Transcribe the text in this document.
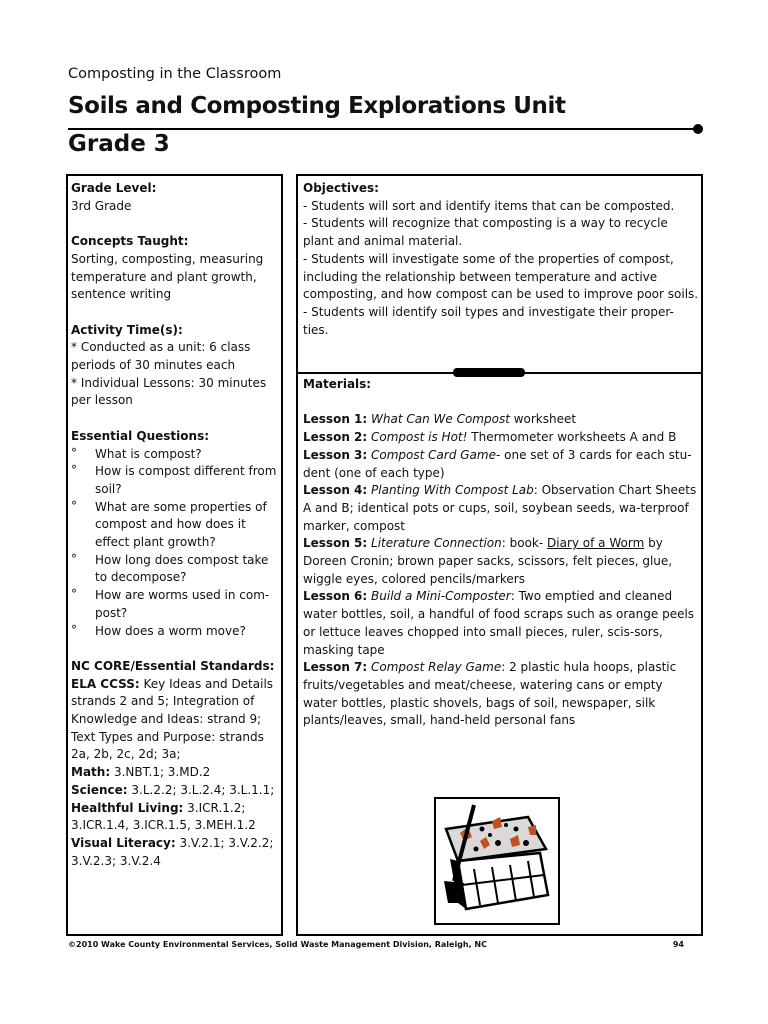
Composting in the Classroom
Soils and Composting Explorations Unit
Grade 3
Grade Level:

3rd Grade

Concepts Taught:

Sorting, composting, measuring temperature and plant growth, sentence writing

Activity Time(s):

* Conducted as a unit: 6 class periods of 30 minutes each

* Individual Lessons: 30 minutes per lesson

Essential Questions:
° What is compost?
° How is compost different from soil?
° What are some properties of compost and how does it effect plant growth?
° How long does compost take to decompose?
° How are worms used in com-post?
° How does a worm move?
NC CORE/Essential Standards:

ELA CCSS: Key Ideas and Details strands 2 and 5; Integration of Knowledge and Ideas: strand 9; Text Types and Purpose: strands 2a, 2b, 2c, 2d; 3a;

Math: 3.NBT.1; 3.MD.2

Science: 3.L.2.2; 3.L.2.4; 3.L.1.1;

Healthful Living: 3.ICR.1.2; 3.ICR.1.4, 3.ICR.1.5, 3.MEH.1.2

Visual Literacy: 3.V.2.1; 3.V.2.2; 3.V.2.3; 3.V.2.4

Objectives:

- Students will sort and identify items that can be composted.

- Students will recognize that composting is a way to recycle plant and animal material.

- Students will investigate some of the properties of compost, including the relationship between temperature and active composting, and how compost can be used to improve poor soils.

- Students will identify soil types and investigate their proper-ties.

Materials:

Lesson 1: What Can We Compost worksheet

Lesson 2: Compost is Hot! Thermometer worksheets A and B

Lesson 3: Compost Card Game- one set of 3 cards for each stu-dent (one of each type)

Lesson 4: Planting With Compost Lab: Observation Chart Sheets A and B; identical pots or cups, soil, soybean seeds, wa-terproof marker, compost

Lesson 5: Literature Connection: book- Diary of a Worm by Doreen Cronin; brown paper sacks, scissors, felt pieces, glue, wiggle eyes, colored pencils/markers

Lesson 6: Build a Mini-Composter: Two emptied and cleaned water bottles, soil, a handful of food scraps such as orange peels or lettuce leaves chopped into small pieces, ruler, scis-sors, masking tape

Lesson 7: Compost Relay Game: 2 plastic hula hoops, plastic fruits/vegetables and meat/cheese, watering cans or empty water bottles, plastic shovels, bags of soil, newspaper, silk plants/leaves, small, hand-held personal fans

©2010 Wake County Environmental Services, Solid Waste Management Division, Raleigh, NC	94
